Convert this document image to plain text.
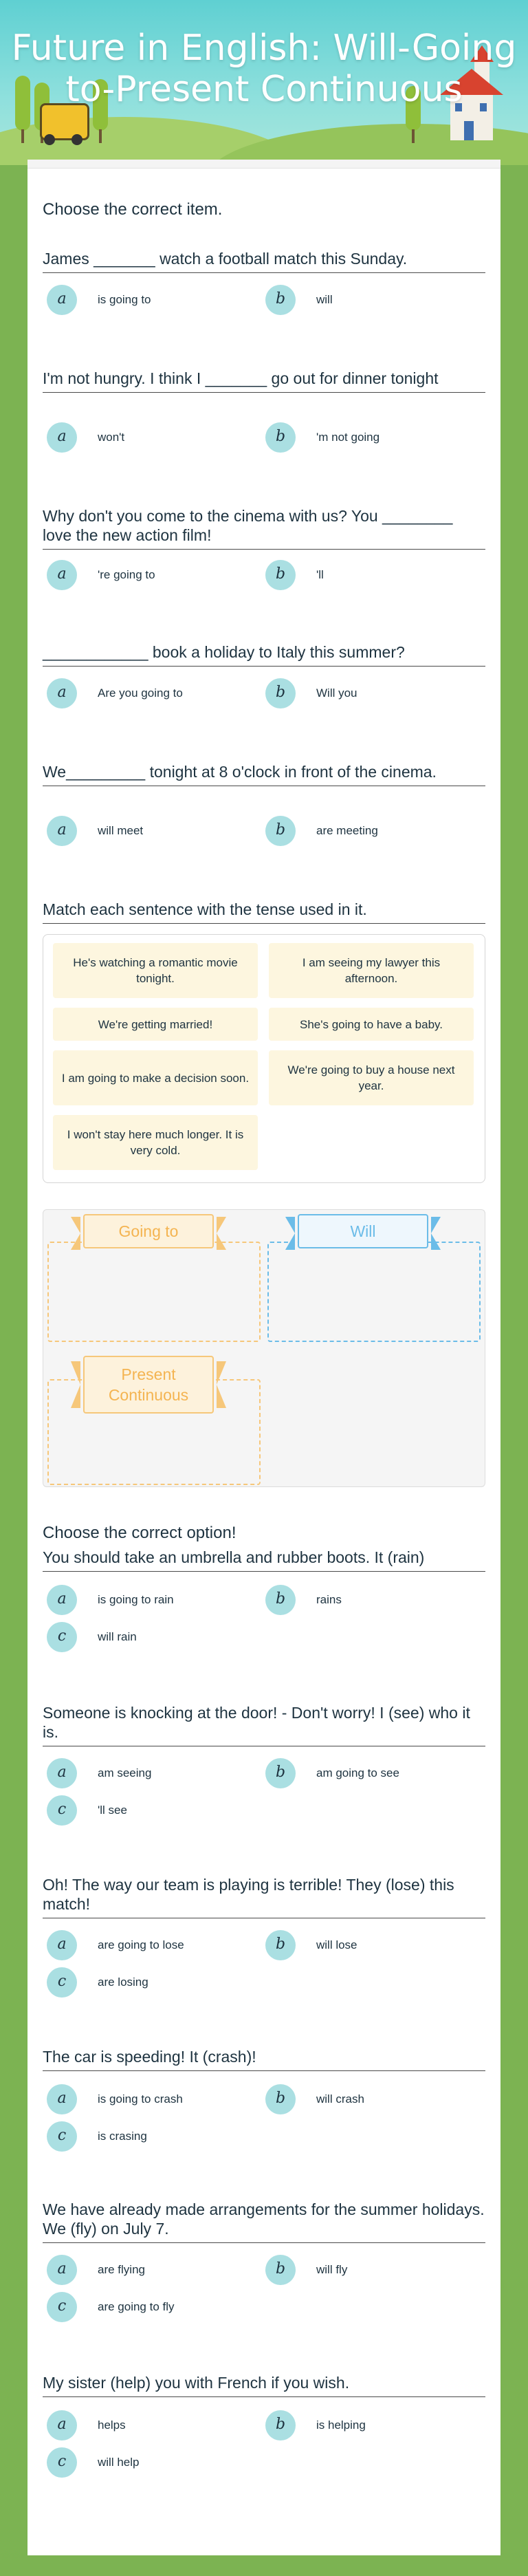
Future in English: Will-Going to-Present Continuous
Choose the correct item.
James _______ watch a football match this Sunday.
a	is going to	b	will
I'm not hungry. I think I _______ go out for dinner tonight
a	won't	b	'm not going
Why don't you come to the cinema with us? You ________ love the new action film!
a	're going to	b	'll
____________ book a holiday to Italy this summer?
a	Are you going to	b	Will you
We_________ tonight at 8 o'clock in front of the cinema.
a	will meet	b	are meeting
Match each sentence with the tense used in it.
He's watching a romantic movie tonight.
I am seeing my lawyer this afternoon.
We're getting married!	She's going to have a baby.
I am going to make a decision soon.
We're going to buy a house next year.
I won't stay here much longer. It is very cold.
Going to	Will
Present Continuous
Choose the correct option!
You should take an umbrella and rubber boots. It (rain)
a	is going to rain	b	rains
c	will rain
Someone is knocking at the door! - Don't worry! I (see) who it is.
a	am seeing	b	am going to see
c	'll see
Oh! The way our team is playing is terrible! They (lose) this match!
a	are going to lose	b	will lose
c	are losing
The car is speeding! It (crash)!
a	is going to crash	b	will crash
c	is crasing
We have already made arrangements for the summer holidays. We (fly) on July 7.
a	are flying	b	will fly
c	are going to fly
My sister (help) you with French if you wish.
a	helps	b	is helping
c	will help
